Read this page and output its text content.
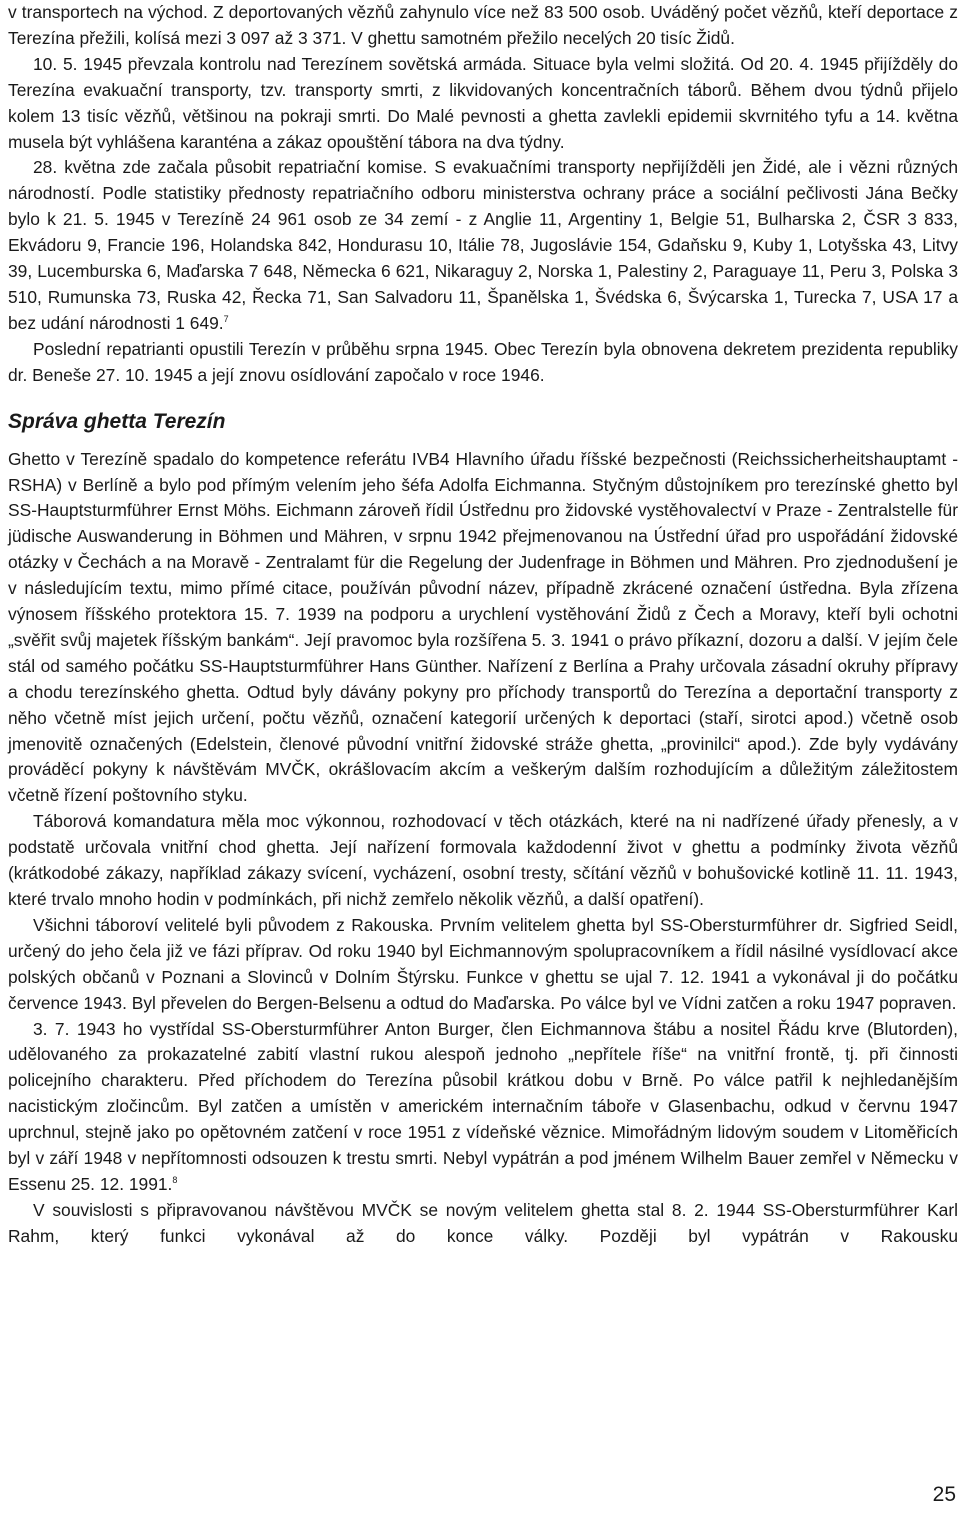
v transportech na východ. Z deportovaných vězňů zahynulo více než 83 500 osob. Uváděný počet vězňů, kteří deportace z Terezína přežili, kolísá mezi 3 097 až 3 371. V ghettu samotném přežilo necelých 20 tisíc Židů.

10. 5. 1945 převzala kontrolu nad Terezínem sovětská armáda. Situace byla velmi složitá. Od 20. 4. 1945 přijížděly do Terezína evakuační transporty, tzv. transporty smrti, z likvidovaných koncentračních táborů. Během dvou týdnů přijelo kolem 13 tisíc vězňů, většinou na pokraji smrti. Do Malé pevnosti a ghetta zavlekli epidemii skvrnitého tyfu a 14. května musela být vyhlášena karanténa a zákaz opouštění tábora na dva týdny.

28. května zde začala působit repatriační komise. S evakuačními transporty nepřijížděli jen Židé, ale i vězni různých národností. Podle statistiky přednosty repatriačního odboru ministerstva ochrany práce a sociální pečlivosti Jána Bečky bylo k 21. 5. 1945 v Terezíně 24 961 osob ze 34 zemí - z Anglie 11, Argentiny 1, Belgie 51, Bulharska 2, ČSR 3 833, Ekvádoru 9, Francie 196, Holandska 842, Hondurasu 10, Itálie 78, Jugoslávie 154, Gdaňsku 9, Kuby 1, Lotyšska 43, Litvy 39, Lucemburska 6, Maďarska 7 648, Německa 6 621, Nikaraguy 2, Norska 1, Palestiny 2, Paraguaye 11, Peru 3, Polska 3 510, Rumunska 73, Ruska 42, Řecka 71, San Salvadoru 11, Španělska 1, Švédska 6, Švýcarska 1, Turecka 7, USA 17 a bez udání národnosti 1 649.$^7$

Poslední repatrianti opustili Terezín v průběhu srpna 1945. Obec Terezín byla obnovena dekretem prezidenta republiky dr. Beneše 27. 10. 1945 a její znovu osídlování započalo v roce 1946.

Správa ghetta Terezín

Ghetto v Terezíně spadalo do kompetence referátu IVB4 Hlavního úřadu říšské bezpečnosti (Reichssicherheitshauptamt - RSHA) v Berlíně a bylo pod přímým velením jeho šéfa Adolfa Eichmanna. Styčným důstojníkem pro terezínské ghetto byl SS-Hauptsturmführer Ernst Möhs. Eichmann zároveň řídil Ústřednu pro židovské vystěhovalectví v Praze - Zentralstelle für jüdische Auswanderung in Böhmen und Mähren, v srpnu 1942 přejmenovanou na Ústřední úřad pro uspořádání židovské otázky v Čechách a na Moravě - Zentralamt für die Regelung der Judenfrage in Böhmen und Mähren. Pro zjednodušení je v následujícím textu, mimo přímé citace, používán původní název, případně zkrácené označení ústředna. Byla zřízena výnosem říšského protektora 15. 7. 1939 na podporu a urychlení vystěhování Židů z Čech a Moravy, kteří byli ochotni „svěřit svůj majetek říšským bankám“. Její pravomoc byla rozšířena 5. 3. 1941 o právo příkazní, dozoru a další. V jejím čele stál od samého počátku SS-Hauptsturmführer Hans Günther. Nařízení z Berlína a Prahy určovala zásadní okruhy přípravy a chodu terezínského ghetta. Odtud byly dávány pokyny pro příchody transportů do Terezína a deportační transporty z něho včetně míst jejich určení, počtu vězňů, označení kategorií určených k deportaci (staří, sirotci apod.) včetně osob jmenovitě označených (Edelstein, členové původní vnitřní židovské stráže ghetta, „provinilci“ apod.). Zde byly vydávány prováděcí pokyny k návštěvám MVČK, okrášlovacím akcím a veškerým dalším rozhodujícím a důležitým záležitostem včetně řízení poštovního styku.

Táborová komandatura měla moc výkonnou, rozhodovací v těch otázkách, které na ni nadřízené úřady přenesly, a v podstatě určovala vnitřní chod ghetta. Její nařízení formovala každodenní život v ghettu a podmínky života vězňů (krátkodobé zákazy, například zákazy svícení, vycházení, osobní tresty, sčítání vězňů v bohušovické kotlině 11. 11. 1943, které trvalo mnoho hodin v podmínkách, při nichž zemřelo několik vězňů, a další opatření).

Všichni táboroví velitelé byli původem z Rakouska. Prvním velitelem ghetta byl SS-Obersturmführer dr. Sigfried Seidl, určený do jeho čela již ve fázi příprav. Od roku 1940 byl Eichmannovým spolupracovníkem a řídil násilné vysídlovací akce polských občanů v Poznani a Slovinců v Dolním Štýrsku. Funkce v ghettu se ujal 7. 12. 1941 a vykonával ji do počátku července 1943. Byl převelen do Bergen-Belsenu a odtud do Maďarska. Po válce byl ve Vídni zatčen a roku 1947 popraven.

3. 7. 1943 ho vystřídal SS-Obersturmführer Anton Burger, člen Eichmannova štábu a nositel Řádu krve (Blutorden), udělovaného za prokazatelné zabití vlastní rukou alespoň jednoho „nepřítele říše“ na vnitřní frontě, tj. při činnosti policejního charakteru. Před příchodem do Terezína působil krátkou dobu v Brně. Po válce patřil k nejhledanějším nacistickým zločincům. Byl zatčen a umístěn v americkém internačním táboře v Glasenbachu, odkud v červnu 1947 uprchnul, stejně jako po opětovném zatčení v roce 1951 z vídeňské věznice. Mimořádným lidovým soudem v Litoměřicích byl v září 1948 v nepřítomnosti odsouzen k trestu smrti. Nebyl vypátrán a pod jménem Wilhelm Bauer zemřel v Německu v Essenu 25. 12. 1991.$^8$

V souvislosti s připravovanou návštěvou MVČK se novým velitelem ghetta stal 8. 2. 1944 SS-Obersturmführer Karl Rahm, který funkci vykonával až do konce války. Později byl vypátrán v Rakousku

25
